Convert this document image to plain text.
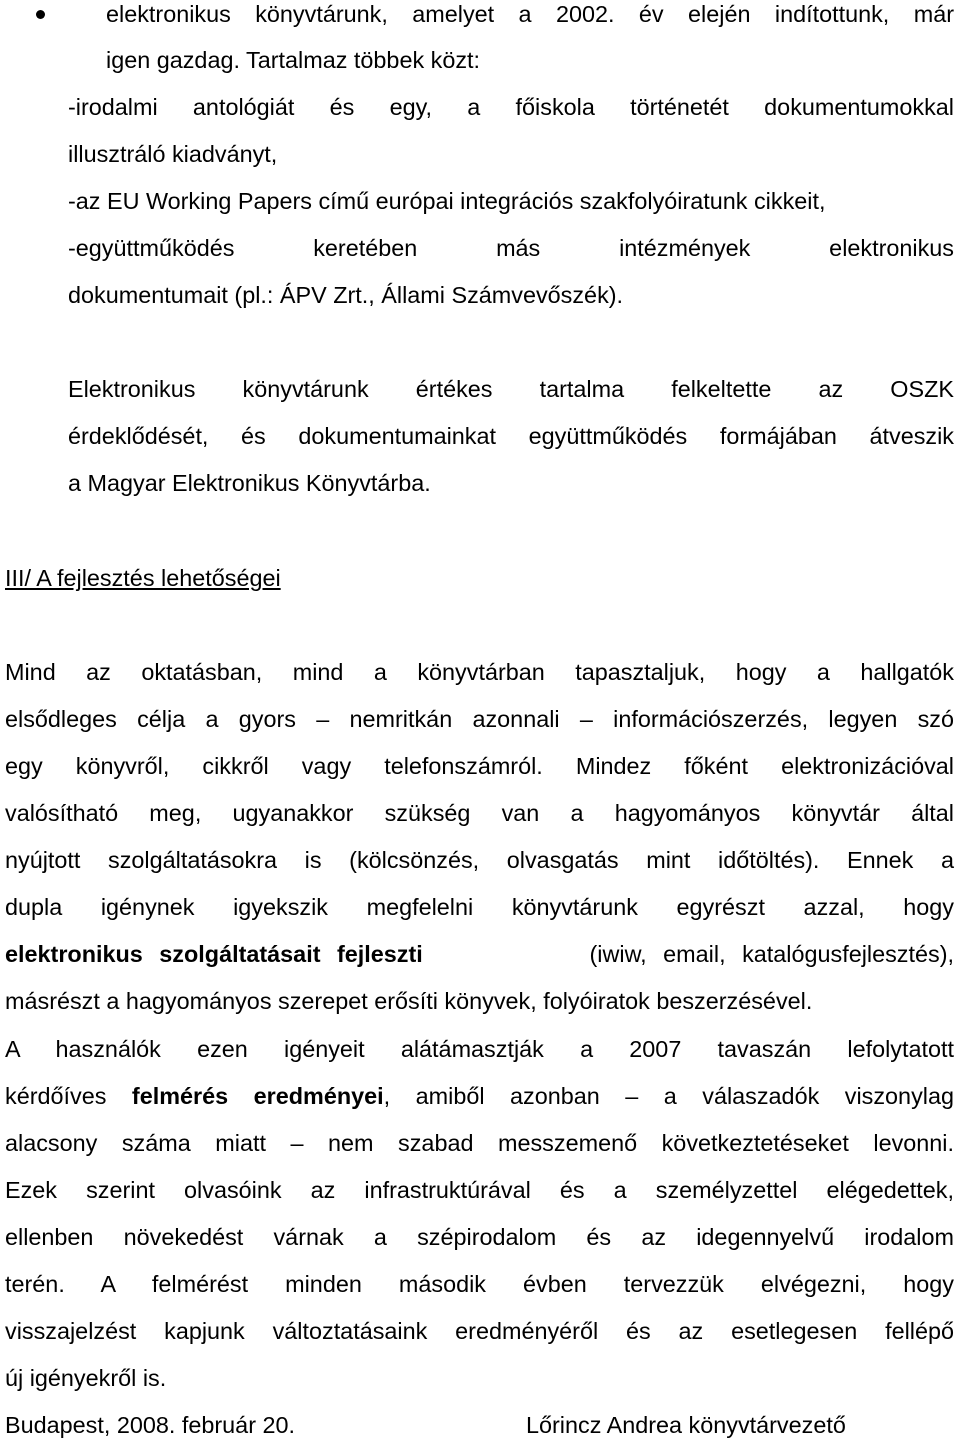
elektronikus könyvtárunk, amelyet a 2002. év elején indítottunk, már
igen gazdag. Tartalmaz többek közt:
-irodalmi antológiát és egy, a főiskola történetét dokumentumokkal
illusztráló kiadványt,
-az EU Working Papers című európai integrációs szakfolyóiratunk cikkeit,
-együttműködés keretében más intézmények elektronikus
dokumentumait (pl.: ÁPV Zrt., Állami Számvevőszék).
Elektronikus könyvtárunk értékes tartalma felkeltette az OSZK
érdeklődését, és dokumentumainkat együttműködés formájában átveszik
a Magyar Elektronikus Könyvtárba.
III/ A fejlesztés lehetőségei
Mind az oktatásban, mind a könyvtárban tapasztaljuk, hogy a hallgatók
elsődleges célja a gyors – nemritkán azonnali – információszerzés, legyen szó
egy könyvről, cikkről vagy telefonszámról. Mindez főként elektronizációval
valósítható meg, ugyanakkor szükség van a hagyományos könyvtár által
nyújtott szolgáltatásokra is (kölcsönzés, olvasgatás mint időtöltés). Ennek a
dupla igénynek igyekszik megfelelni könyvtárunk egyrészt azzal, hogy
elektronikus szolgáltatásait fejleszti	(iwiw, email, katalógusfejlesztés),
másrészt a hagyományos szerepet erősíti könyvek, folyóiratok beszerzésével.
A használók ezen igényeit alátámasztják a 2007 tavaszán lefolytatott
kérdőíves felmérés eredményei, amiből azonban – a válaszadók viszonylag
alacsony száma miatt – nem szabad messzemenő következtetéseket levonni.
Ezek szerint olvasóink az infrastruktúrával és a személyzettel elégedettek,
ellenben növekedést várnak a szépirodalom és az idegennyelvű irodalom
terén. A felmérést minden második évben tervezzük elvégezni, hogy
visszajelzést kapjunk változtatásaink eredményéről és az esetlegesen fellépő
új igényekről is.
Budapest, 2008. február 20.	Lőrincz Andrea könyvtárvezető
